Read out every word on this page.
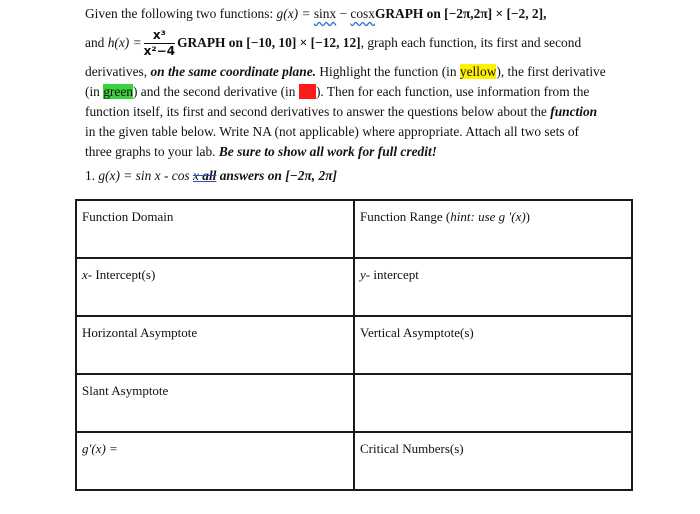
Given the following two functions: g(x) = sinx − cosxGRAPH on [−2π,2π] × [−2, 2],
and
$h(x) = \frac{\text{x³}}{\text{x²−4}}$ GRAPH on [−10, 10] × [−12, 12] , graph each function, its first and second
derivatives, on the same coordinate plane. Highlight the function (in yellow), the first derivative
(in green) and the second derivative (in red). Then for each function, use information from the
function itself, its first and second derivatives to answer the questions below about the function
in the given table below. Write NA (not applicable) where appropriate. Attach all two sets of
three graphs to your lab. Be sure to show all work for full credit!
1. g(x) = sin x - cos x all answers on [−2π, 2π]
Function Domain	Function Range (hint: use g ′(x))
x- Intercept(s)	y- intercept
Horizontal Asymptote	Vertical Asymptote(s)
Slant Asymptote	
g′(x) =	Critical Numbers(s)
